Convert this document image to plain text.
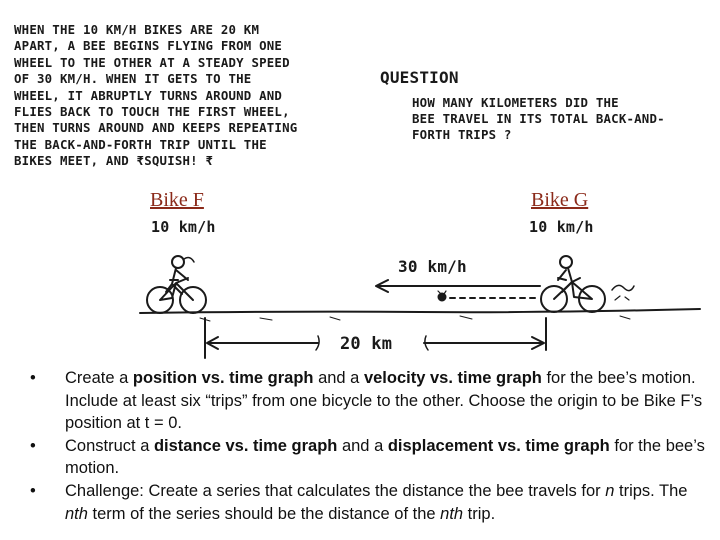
WHEN THE 10 KM/H BIKES ARE 20 KM
APART, A BEE BEGINS FLYING FROM ONE
WHEEL TO THE OTHER AT A STEADY SPEED
OF 30 KM/H. WHEN IT GETS TO THE
WHEEL, IT ABRUPTLY TURNS AROUND AND
FLIES BACK TO TOUCH THE FIRST WHEEL,
THEN TURNS AROUND AND KEEPS REPEATING
THE BACK-AND-FORTH TRIP UNTIL THE
BIKES MEET, AND ₹SQUISH! ₹
QUESTION
HOW MANY KILOMETERS DID THE
BEE TRAVEL IN ITS TOTAL BACK-AND-
FORTH TRIPS ?
Bike F	Bike G
10 km/h	10 km/h
30 km/h
20 km
• Create a position vs. time graph and a velocity vs. time graph for the bee’s motion. Include at least six “trips” from one bicycle to the other. Choose the origin to be Bike F’s position at t = 0.
• Construct a distance vs. time graph and a displacement vs. time graph for the bee’s motion.
• Challenge: Create a series that calculates the distance the bee travels for n trips. The nth term of the series should be the distance of the nth trip.
